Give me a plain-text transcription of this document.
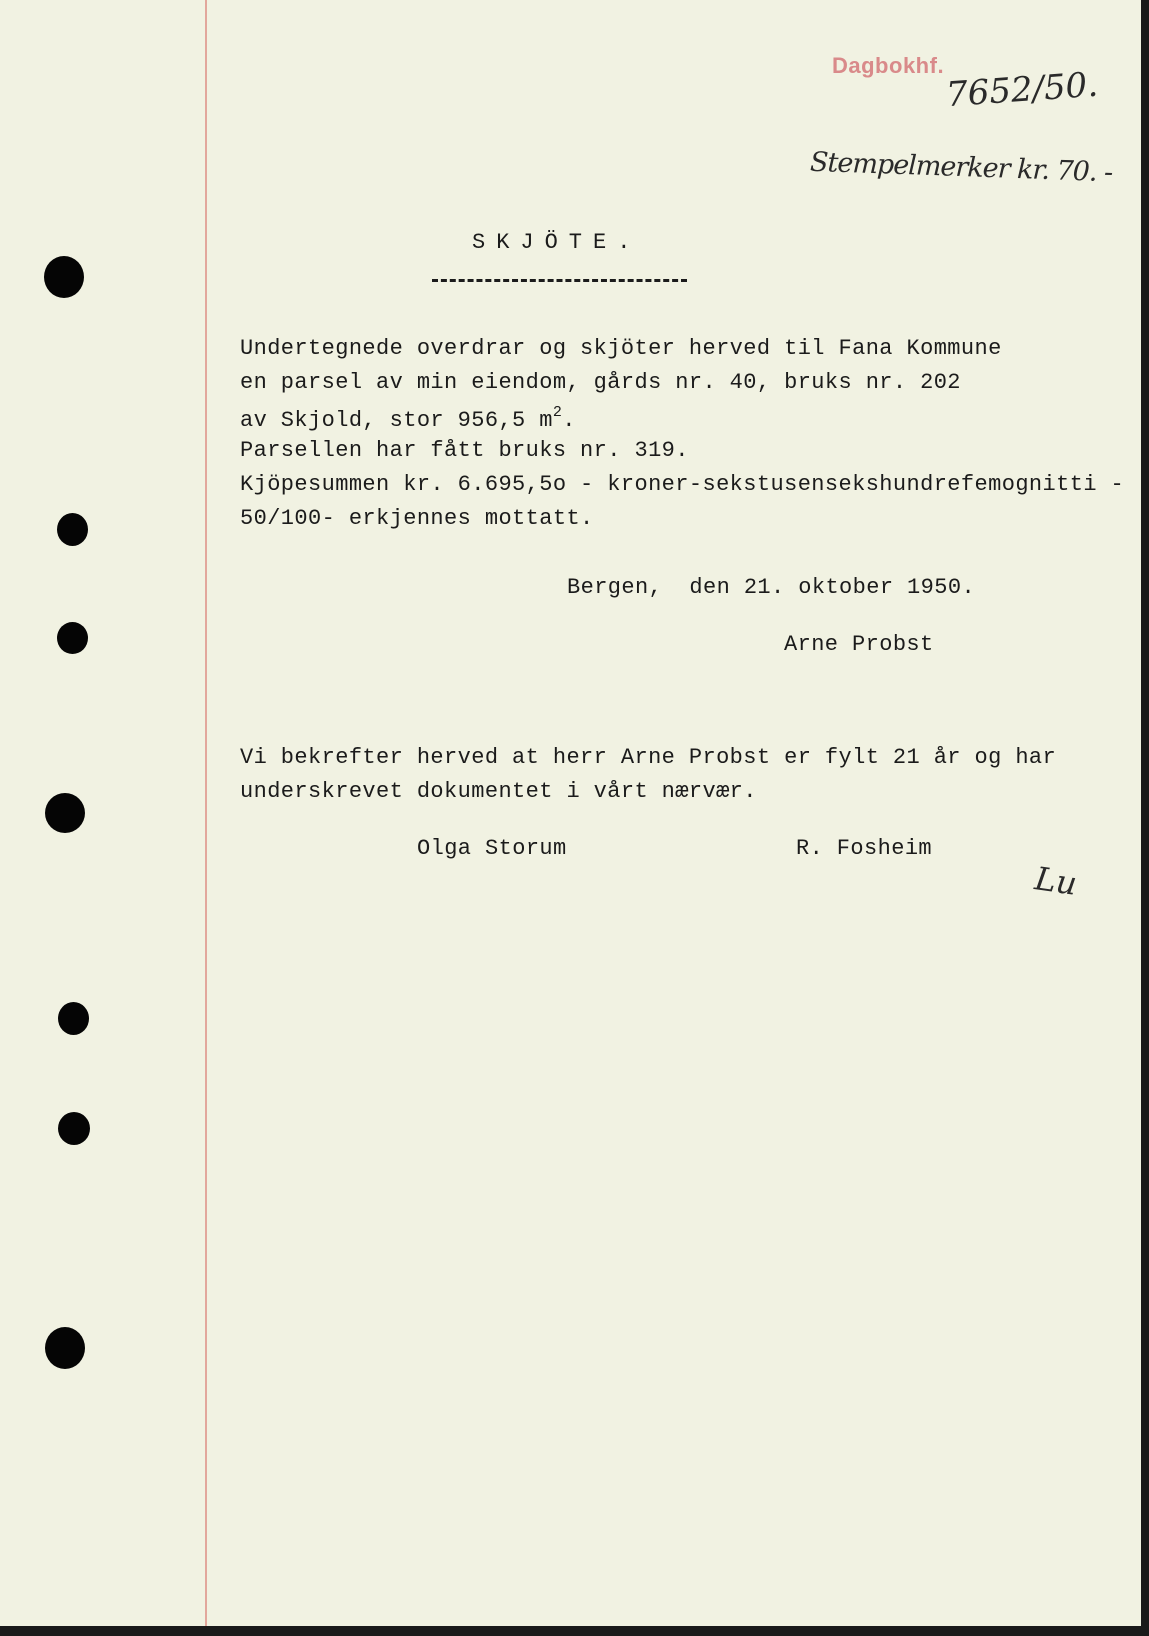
Dagbokhf. 7652/50.
Stempelmerker kr. 70. -
SKJÖTE.
Undertegnede overdrar og skjöter herved til Fana Kommune
en parsel av min eiendom, gårds nr. 40, bruks nr. 202
av Skjold, stor 956,5 $m^2$.
Parsellen har fått bruks nr. 319.
Kjöpesummen kr. 6.695,5o - kroner-sekstusensekshundrefemognitti -
50/100- erkjennes mottatt.
Bergen,  den 21. oktober 1950.
Arne Probst
Vi bekrefter herved at herr Arne Probst er fylt 21 år og har
underskrevet dokumentet i vårt nærvær.
Olga Storum	R. Fosheim
Lu
